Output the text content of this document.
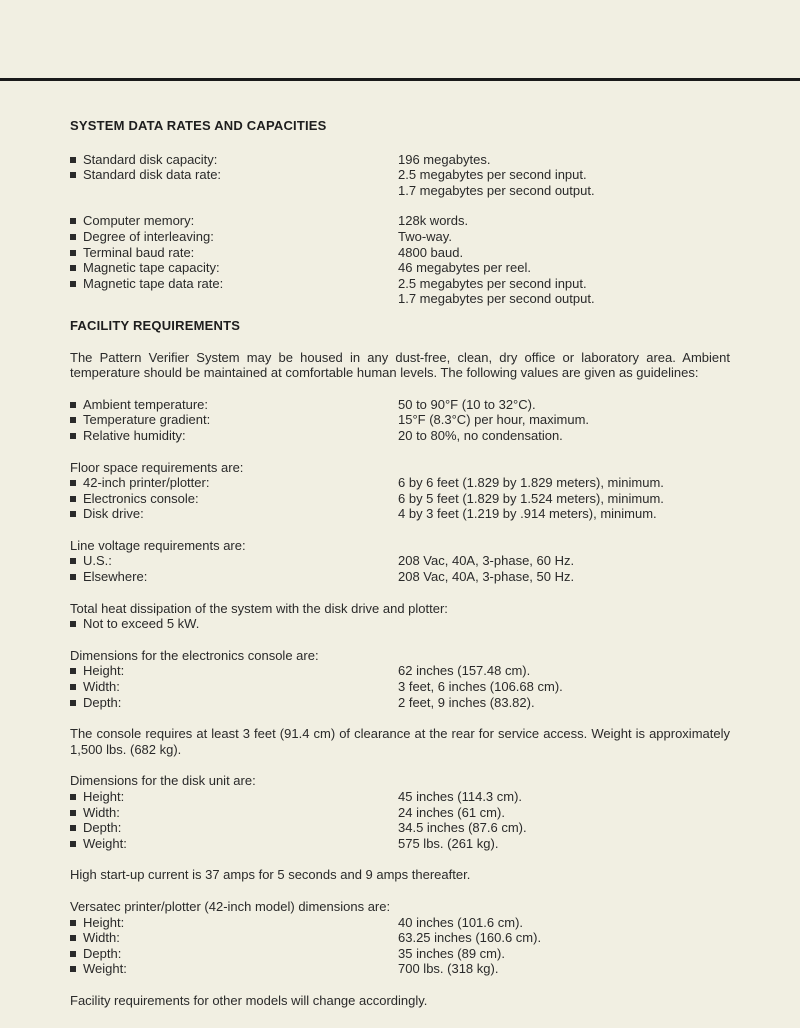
SYSTEM DATA RATES AND CAPACITIES
Standard disk capacity:	196 megabytes.
Standard disk data rate:	2.5 megabytes per second input.
1.7 megabytes per second output.
Computer memory:	128k words.
Degree of interleaving:	Two-way.
Terminal baud rate:	4800 baud.
Magnetic tape capacity:	46 megabytes per reel.
Magnetic tape data rate:	2.5 megabytes per second input.
1.7 megabytes per second output.
FACILITY REQUIREMENTS

The Pattern Verifier System may be housed in any dust-free, clean, dry office or laboratory area. Ambient temperature should be maintained at comfortable human levels. The following values are given as guidelines:

Ambient temperature:	50 to 90°F (10 to 32°C).
Temperature gradient:	15°F (8.3°C) per hour, maximum.
Relative humidity:	20 to 80%, no condensation.

Floor space requirements are:

42-inch printer/plotter:	6 by 6 feet (1.829 by 1.829 meters), minimum.
Electronics console:	6 by 5 feet (1.829 by 1.524 meters), minimum.
Disk drive:	4 by 3 feet (1.219 by .914 meters), minimum.

Line voltage requirements are:

U.S.:	208 Vac, 40A, 3-phase, 60 Hz.
Elsewhere:	208 Vac, 40A, 3-phase, 50 Hz.

Total heat dissipation of the system with the disk drive and plotter:

Not to exceed 5 kW.

Dimensions for the electronics console are:

Height:	62 inches (157.48 cm).
Width:	3 feet, 6 inches (106.68 cm).
Depth:	2 feet, 9 inches (83.82).

The console requires at least 3 feet (91.4 cm) of clearance at the rear for service access. Weight is approximately 1,500 lbs. (682 kg).

Dimensions for the disk unit are:

Height:	45 inches (114.3 cm).
Width:	24 inches (61 cm).
Depth:	34.5 inches (87.6 cm).
Weight:	575 lbs. (261 kg).

High start-up current is 37 amps for 5 seconds and 9 amps thereafter.

Versatec printer/plotter (42-inch model) dimensions are:

Height:	40 inches (101.6 cm).
Width:	63.25 inches (160.6 cm).
Depth:	35 inches (89 cm).
Weight:	700 lbs. (318 kg).

Facility requirements for other models will change accordingly.
